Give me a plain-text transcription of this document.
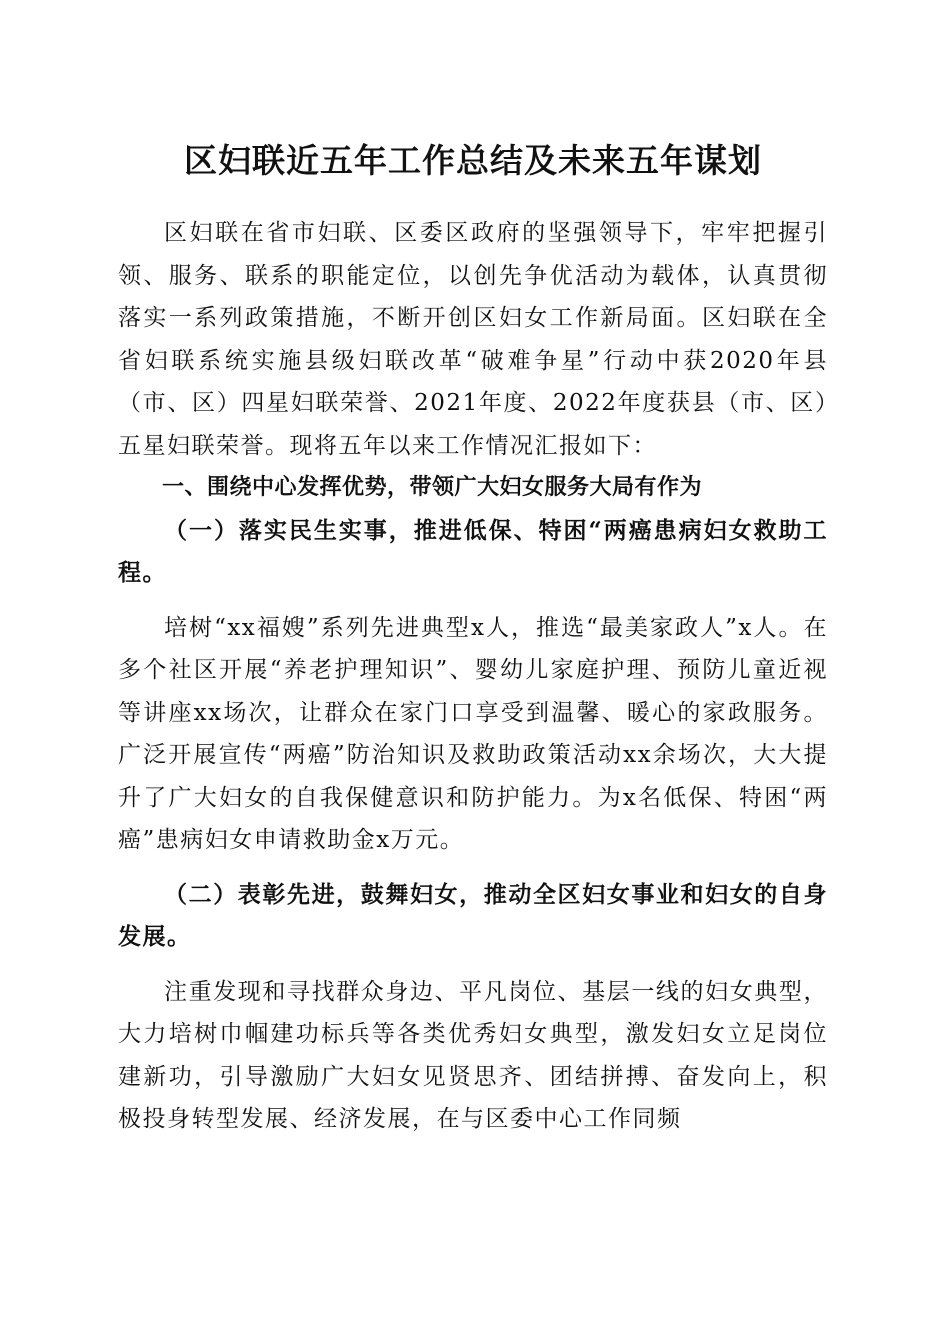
区妇联近五年工作总结及未来五年谋划

区妇联在省市妇联、区委区政府的坚强领导下，牢牢把握引领、服务、联系的职能定位，以创先争优活动为载体，认真贯彻落实一系列政策措施，不断开创区妇女工作新局面。区妇联在全省妇联系统实施县级妇联改革“破难争星”行动中获2020年县（市、区）四星妇联荣誉、2021年度、2022年度获县（市、区）五星妇联荣誉。现将五年以来工作情况汇报如下：

一、围绕中心发挥优势，带领广大妇女服务大局有作为

（一）落实民生实事，推进低保、特困“两癌患病妇女救助工程。

培树“xx福嫂”系列先进典型x人，推选“最美家政人”x人。在多个社区开展“养老护理知识”、婴幼儿家庭护理、预防儿童近视等讲座xx场次，让群众在家门口享受到温馨、暖心的家政服务。广泛开展宣传“两癌”防治知识及救助政策活动xx余场次，大大提升了广大妇女的自我保健意识和防护能力。为x名低保、特困“两癌”患病妇女申请救助金x万元。

（二）表彰先进，鼓舞妇女，推动全区妇女事业和妇女的自身发展。

注重发现和寻找群众身边、平凡岗位、基层一线的妇女典型，大力培树巾帼建功标兵等各类优秀妇女典型，激发妇女立足岗位建新功，引导激励广大妇女见贤思齐、团结拼搏、奋发向上，积极投身转型发展、经济发展，在与区委中心工作同频
